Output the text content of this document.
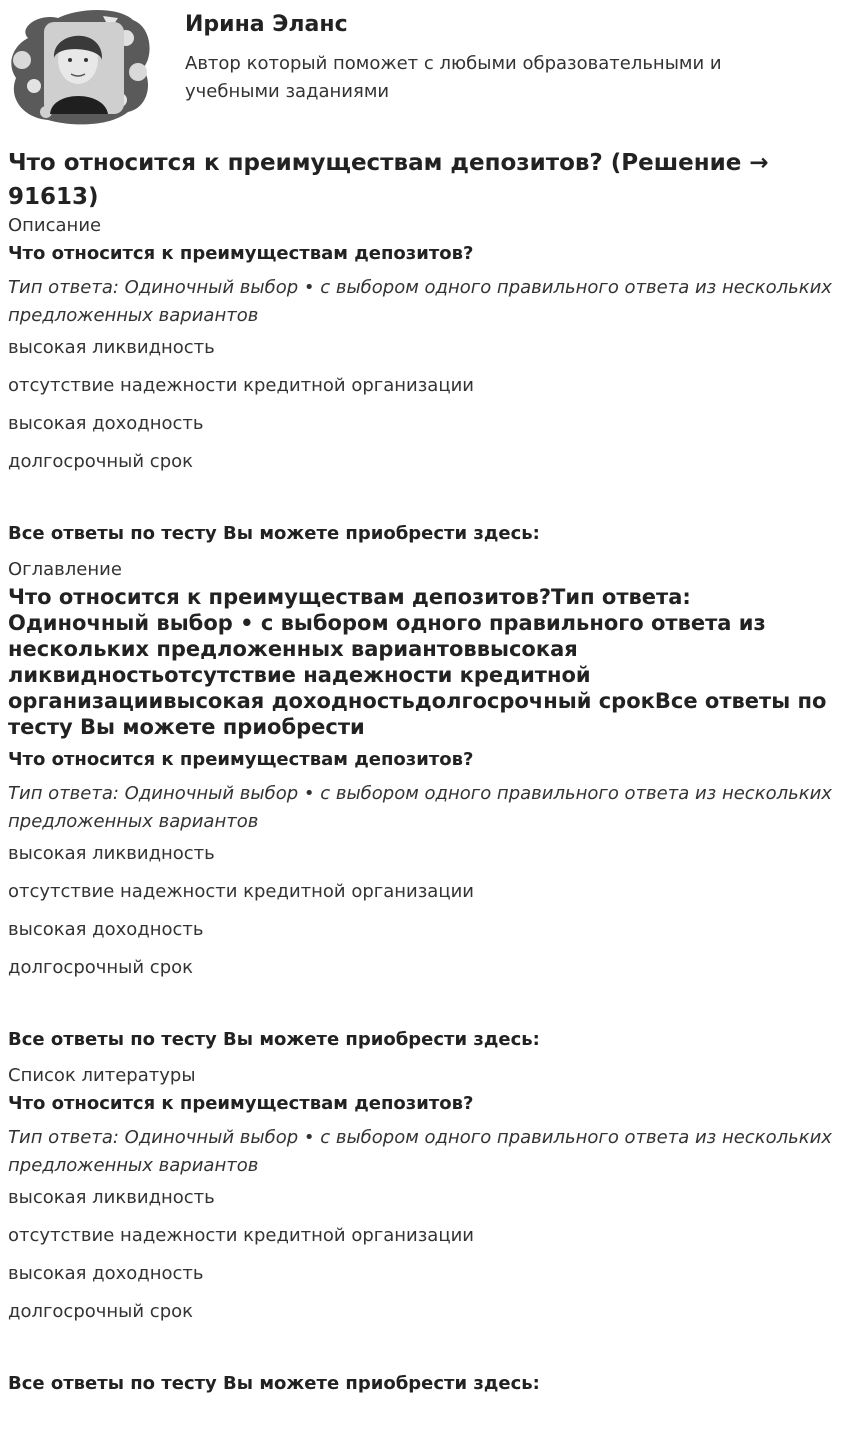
Ирина Эланс
Автор который поможет с любыми образовательными и учебными заданиями
Что относится к преимуществам депозитов? (Решение → 91613)
Описание
Что относится к преимуществам депозитов?
Тип ответа: Одиночный выбор • с выбором одного правильного ответа из нескольких предложенных вариантов
высокая ликвидность
отсутствие надежности кредитной организации
высокая доходность
долгосрочный срок
Все ответы по тесту Вы можете приобрести здесь:
Оглавление
Что относится к преимуществам депозитов?Тип ответа: Одиночный выбор • с выбором одного правильного ответа из нескольких предложенных вариантоввысокая ликвидностьотсутствие надежности кредитной организациивысокая доходностьдолгосрочный срокВсе ответы по тесту Вы можете приобрести
Что относится к преимуществам депозитов?
Тип ответа: Одиночный выбор • с выбором одного правильного ответа из нескольких предложенных вариантов
высокая ликвидность
отсутствие надежности кредитной организации
высокая доходность
долгосрочный срок
Все ответы по тесту Вы можете приобрести здесь:
Список литературы
Что относится к преимуществам депозитов?
Тип ответа: Одиночный выбор • с выбором одного правильного ответа из нескольких предложенных вариантов
высокая ликвидность
отсутствие надежности кредитной организации
высокая доходность
долгосрочный срок
Все ответы по тесту Вы можете приобрести здесь:
